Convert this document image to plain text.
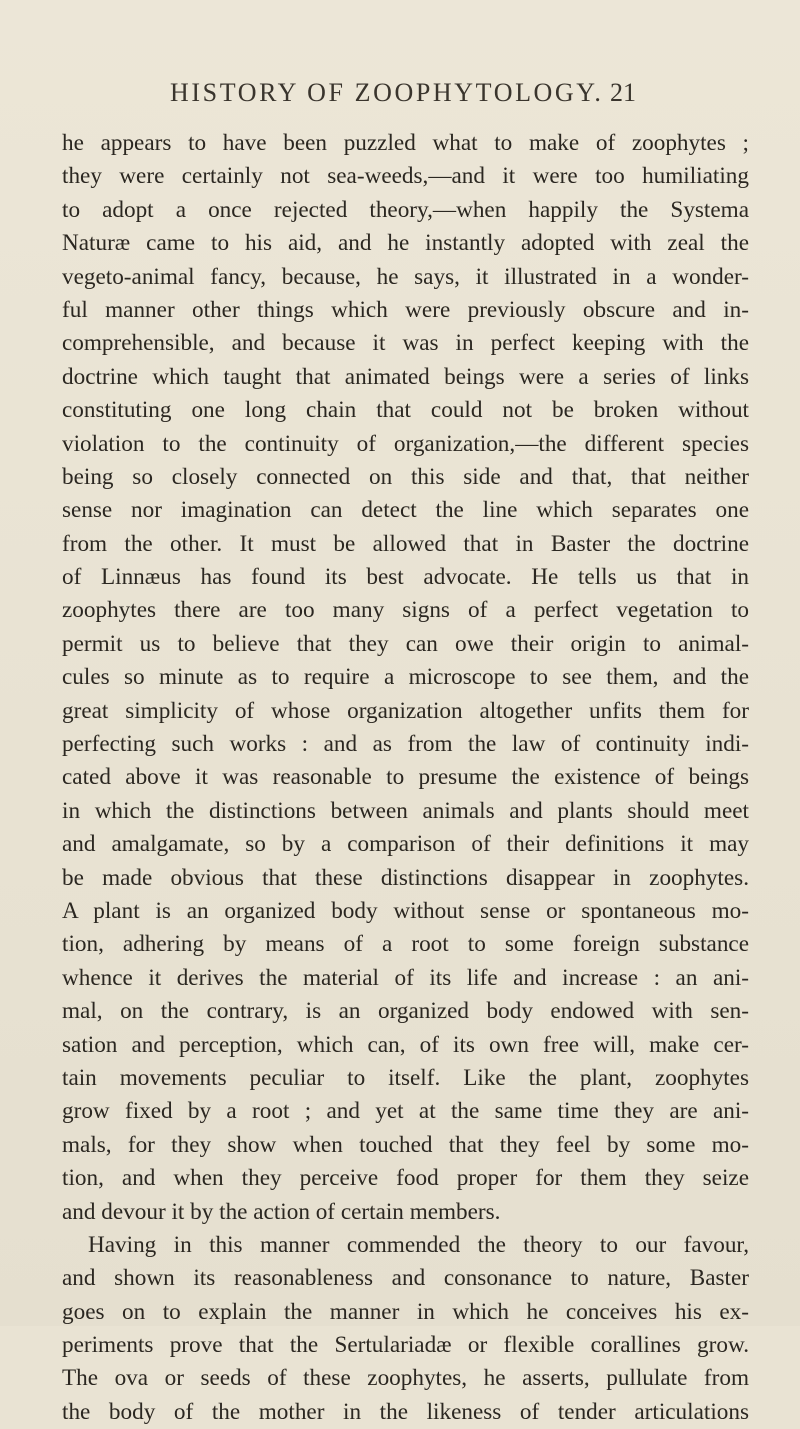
HISTORY OF ZOOPHYTOLOGY. 21
he appears to have been puzzled what to make of zoophytes ;
they were certainly not sea-weeds,—and it were too humiliating
to adopt a once rejected theory,—when happily the Systema
Naturæ came to his aid, and he instantly adopted with zeal the
vegeto-animal fancy, because, he says, it illustrated in a wonder-
ful manner other things which were previously obscure and in-
comprehensible, and because it was in perfect keeping with the
doctrine which taught that animated beings were a series of links
constituting one long chain that could not be broken without
violation to the continuity of organization,—the different species
being so closely connected on this side and that, that neither
sense nor imagination can detect the line which separates one
from the other. It must be allowed that in Baster the doctrine
of Linnæus has found its best advocate. He tells us that in
zoophytes there are too many signs of a perfect vegetation to
permit us to believe that they can owe their origin to animal-
cules so minute as to require a microscope to see them, and the
great simplicity of whose organization altogether unfits them for
perfecting such works : and as from the law of continuity indi-
cated above it was reasonable to presume the existence of beings
in which the distinctions between animals and plants should meet
and amalgamate, so by a comparison of their definitions it may
be made obvious that these distinctions disappear in zoophytes.
A plant is an organized body without sense or spontaneous mo-
tion, adhering by means of a root to some foreign substance
whence it derives the material of its life and increase : an ani-
mal, on the contrary, is an organized body endowed with sen-
sation and perception, which can, of its own free will, make cer-
tain movements peculiar to itself. Like the plant, zoophytes
grow fixed by a root ; and yet at the same time they are ani-
mals, for they show when touched that they feel by some mo-
tion, and when they perceive food proper for them they seize
and devour it by the action of certain members.
Having in this manner commended the theory to our favour,
and shown its reasonableness and consonance to nature, Baster
goes on to explain the manner in which he conceives his ex-
periments prove that the Sertulariadæ or flexible corallines grow.
The ova or seeds of these zoophytes, he asserts, pullulate from
the body of the mother in the likeness of tender articulations
